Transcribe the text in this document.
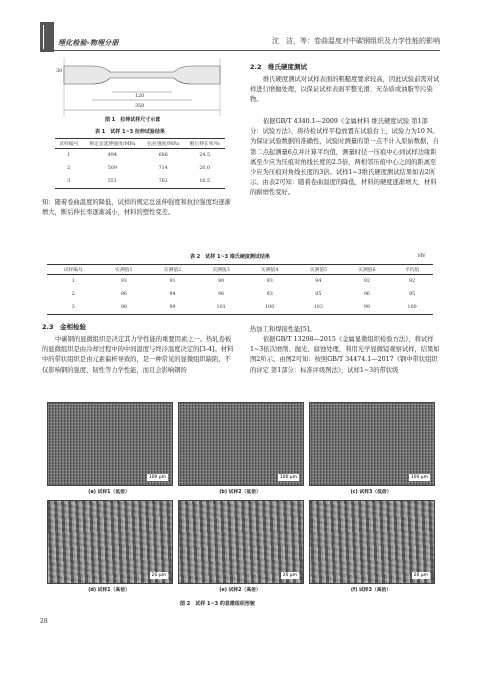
理化检验-物理分册	沈　洁，等：卷曲温度对中碳钢组织及力学性能的影响
30
120
350
图 1　拉伸试样尺寸示意
表 1　试样 1~3 拉伸试验结果
试样编号	规定总延伸强度/MPa	抗拉强度/MPa	断后伸长率/%
1	494	686	24.5
2	509	714	20.0
3	551	762	16.5
知：随着卷曲温度的降低，试样的规定总延伸强度和抗拉强度均逐渐增大，断后伸长率逐渐减小，材料的塑性变差。
2.2　维氏硬度测试
维氏硬度测试对试样表面的粗糙度要求较高，因此试验前需对试样进行磨抛处理，以保证试样表面平整光滑、无杂质或油脂等污染物。
依据GB/T 4340.1—2009《金属材料 维氏硬度试验 第1部分：试验方法》，将待检试样平稳放置在试验台上，试验力为10 N。为保证试验数据的准确性，试验时测量的第一点不计入原始数据，自第二点起测量6点并计算平均值，测量时径一压痕中心到试样边缘距离至少应为压痕对角线长度的2.5倍，两相邻压痕中心之间的距离至少应为压痕对角线长度的3倍。试样1~3维氏硬度测试结果如表2所示。由表2可知：随着卷曲温度的降低，材料的硬度逐渐增大，材料的耐磨性变好。
表 2　试样 1~3 维氏硬度测试结果	HV
试样编号	实测值1	实测值2	实测值3	实测值4	实测值5	实测值6	平均值
1	93	91	90	93	94	92	92
2	96	94	96	93	95	96	95
3	98	99	101	100	103	99	100
2.3　金相检验
中碳钢的显微组织是决定其力学性能的重要因素之一。热轧卷板的显微组织是由冷却过程中的中间温度与终冷温度决定的[3-4]。材料中的带状组织是由元素偏析导致的，是一种常见的显微组织缺陷，不仅影响钢的强度、韧性等力学性能，而且会影响钢的
热加工和焊接性能[5]。
依据GB/T 13298—2015《金属显微组织检验方法》，将试样1~3依次磨削、抛光、腐蚀处理，利用光学显微镜观察试样，结果如图2所示。由图2可知：按照GB/T 34474.1—2017《钢中带状组织的评定 第1部分：标准评级图法》，试样1~3的带状级
100 μm	100 μm	100 μm
(a) 试样1（低倍）	(b) 试样2（低倍）	(c) 试样3（低倍）
20 μm	20 μm	20 μm
(d) 试样1（高倍）	(e) 试样2（高倍）	(f) 试样3（高倍）
图 2　试样 1~3 的显微组织形貌
28
